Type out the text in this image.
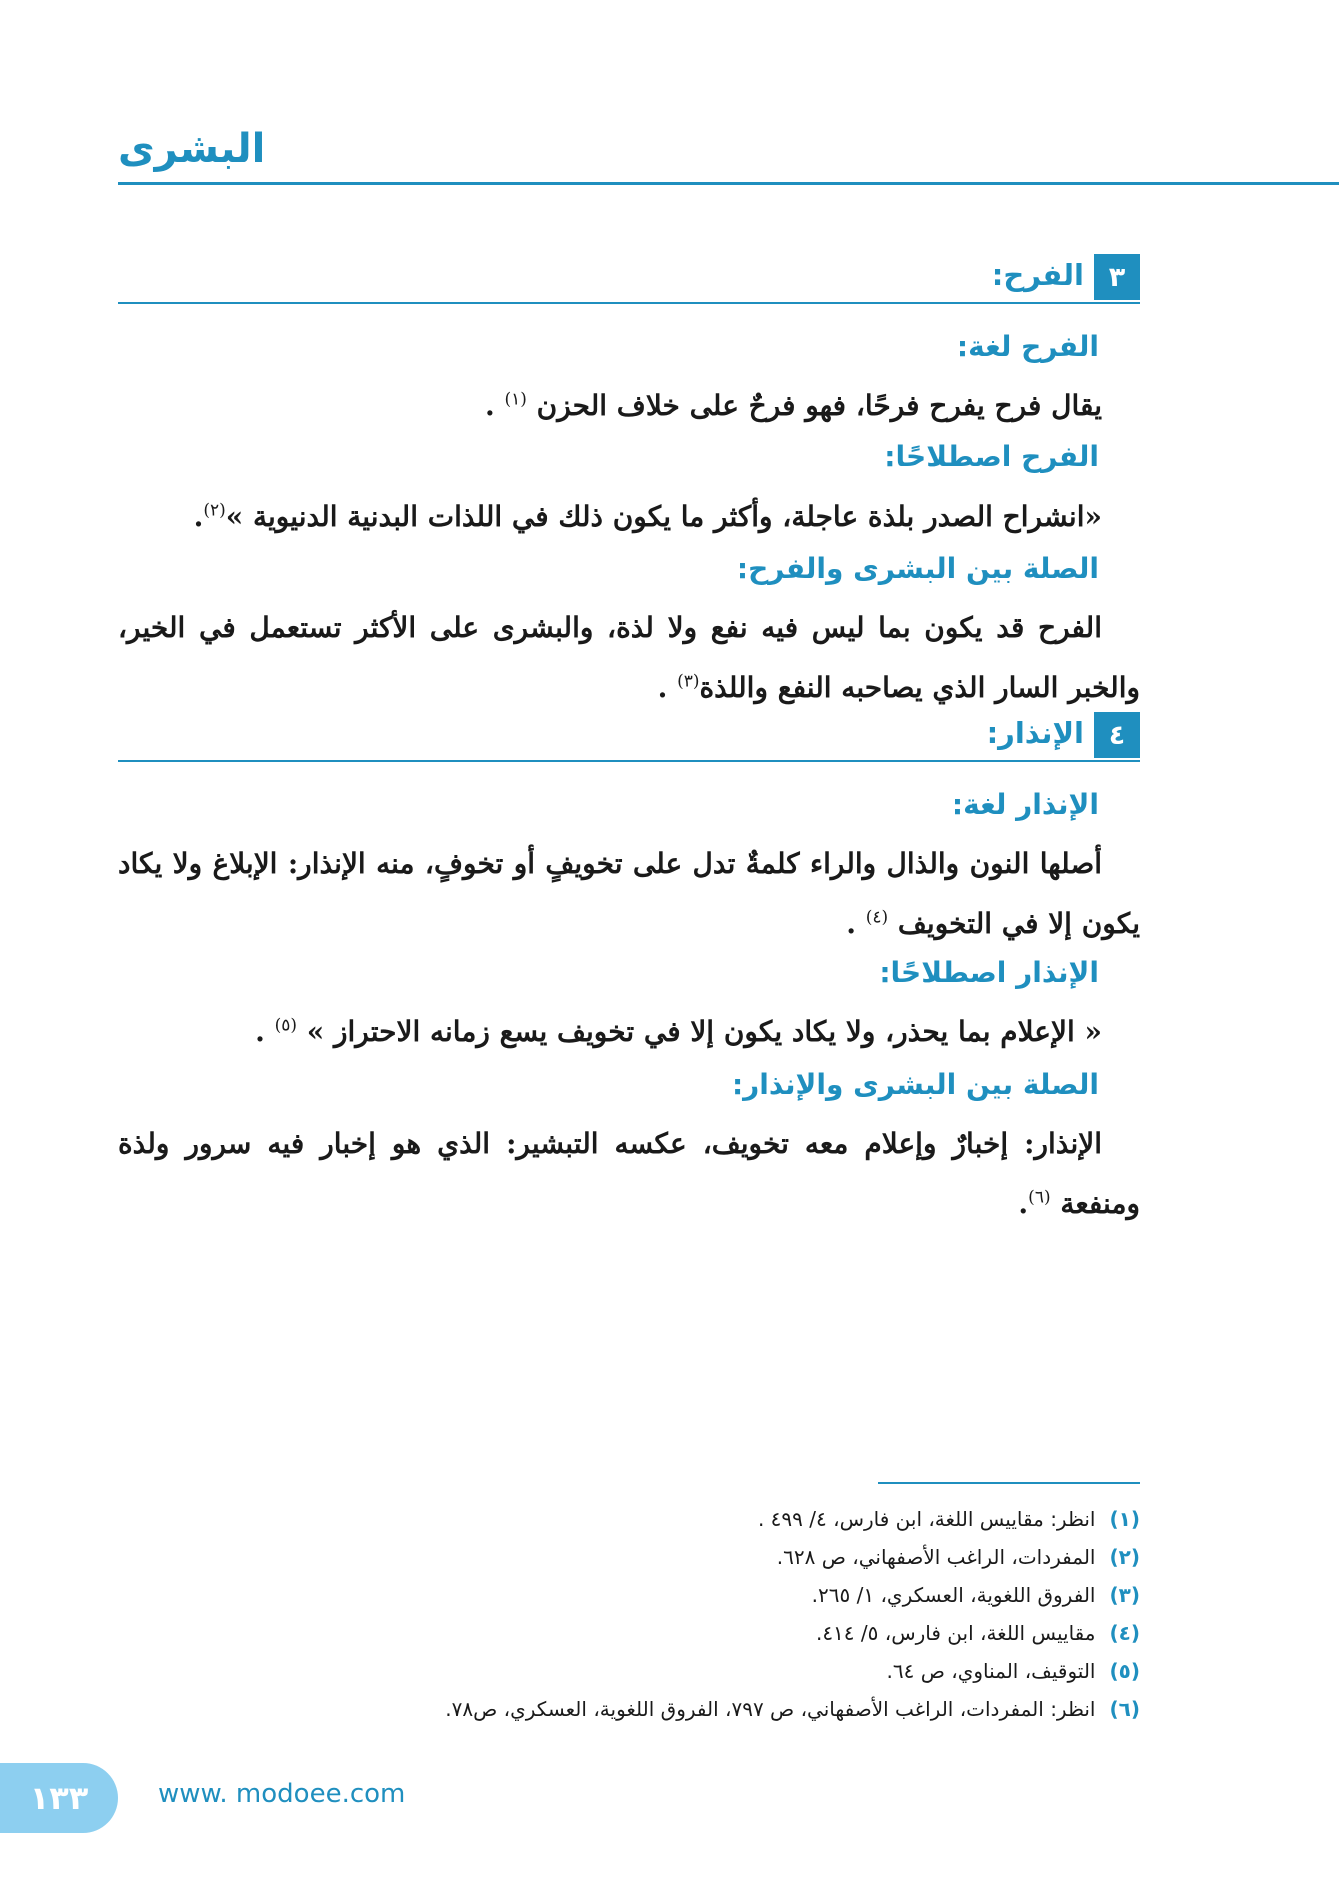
البشرى
٣
الفرح:
الفرح لغة:
يقال فرح يفرح فرحًا، فهو فرحٌ على خلاف الحزن $^{(١)}$ .
الفرح اصطلاحًا:
«انشراح الصدر بلذة عاجلة، وأكثر ما يكون ذلك في اللذات البدنية الدنيوية »$^{(٢)}$.
الصلة بين البشرى والفرح:
الفرح قد يكون بما ليس فيه نفع ولا لذة، والبشرى على الأكثر تستعمل في الخير، والخبر السار الذي يصاحبه النفع واللذة$^{(٣)}$ .
٤
الإنذار:
الإنذار لغة:
أصلها النون والذال والراء كلمةٌ تدل على تخويفٍ أو تخوفٍ، منه الإنذار: الإبلاغ ولا يكاد يكون إلا في التخويف $^{(٤)}$ .
الإنذار اصطلاحًا:
« الإعلام بما يحذر، ولا يكاد يكون إلا في تخويف يسع زمانه الاحتراز » $^{(٥)}$ .
الصلة بين البشرى والإنذار:
الإنذار: إخبارٌ وإعلام معه تخويف، عكسه التبشير: الذي هو إخبار فيه سرور ولذة ومنفعة $^{(٦)}$.
(١)انظر: مقاييس اللغة، ابن فارس، ٤/ ٤٩٩ .
(٢)المفردات، الراغب الأصفهاني، ص ٦٢٨.
(٣)الفروق اللغوية، العسكري، ١/ ٢٦٥.
(٤)مقاييس اللغة، ابن فارس، ٥/ ٤١٤.
(٥)التوقيف، المناوي، ص ٦٤.
(٦)انظر: المفردات، الراغب الأصفهاني، ص ٧٩٧، الفروق اللغوية، العسكري، ص٧٨.
١٣٣	www. modoee.com
